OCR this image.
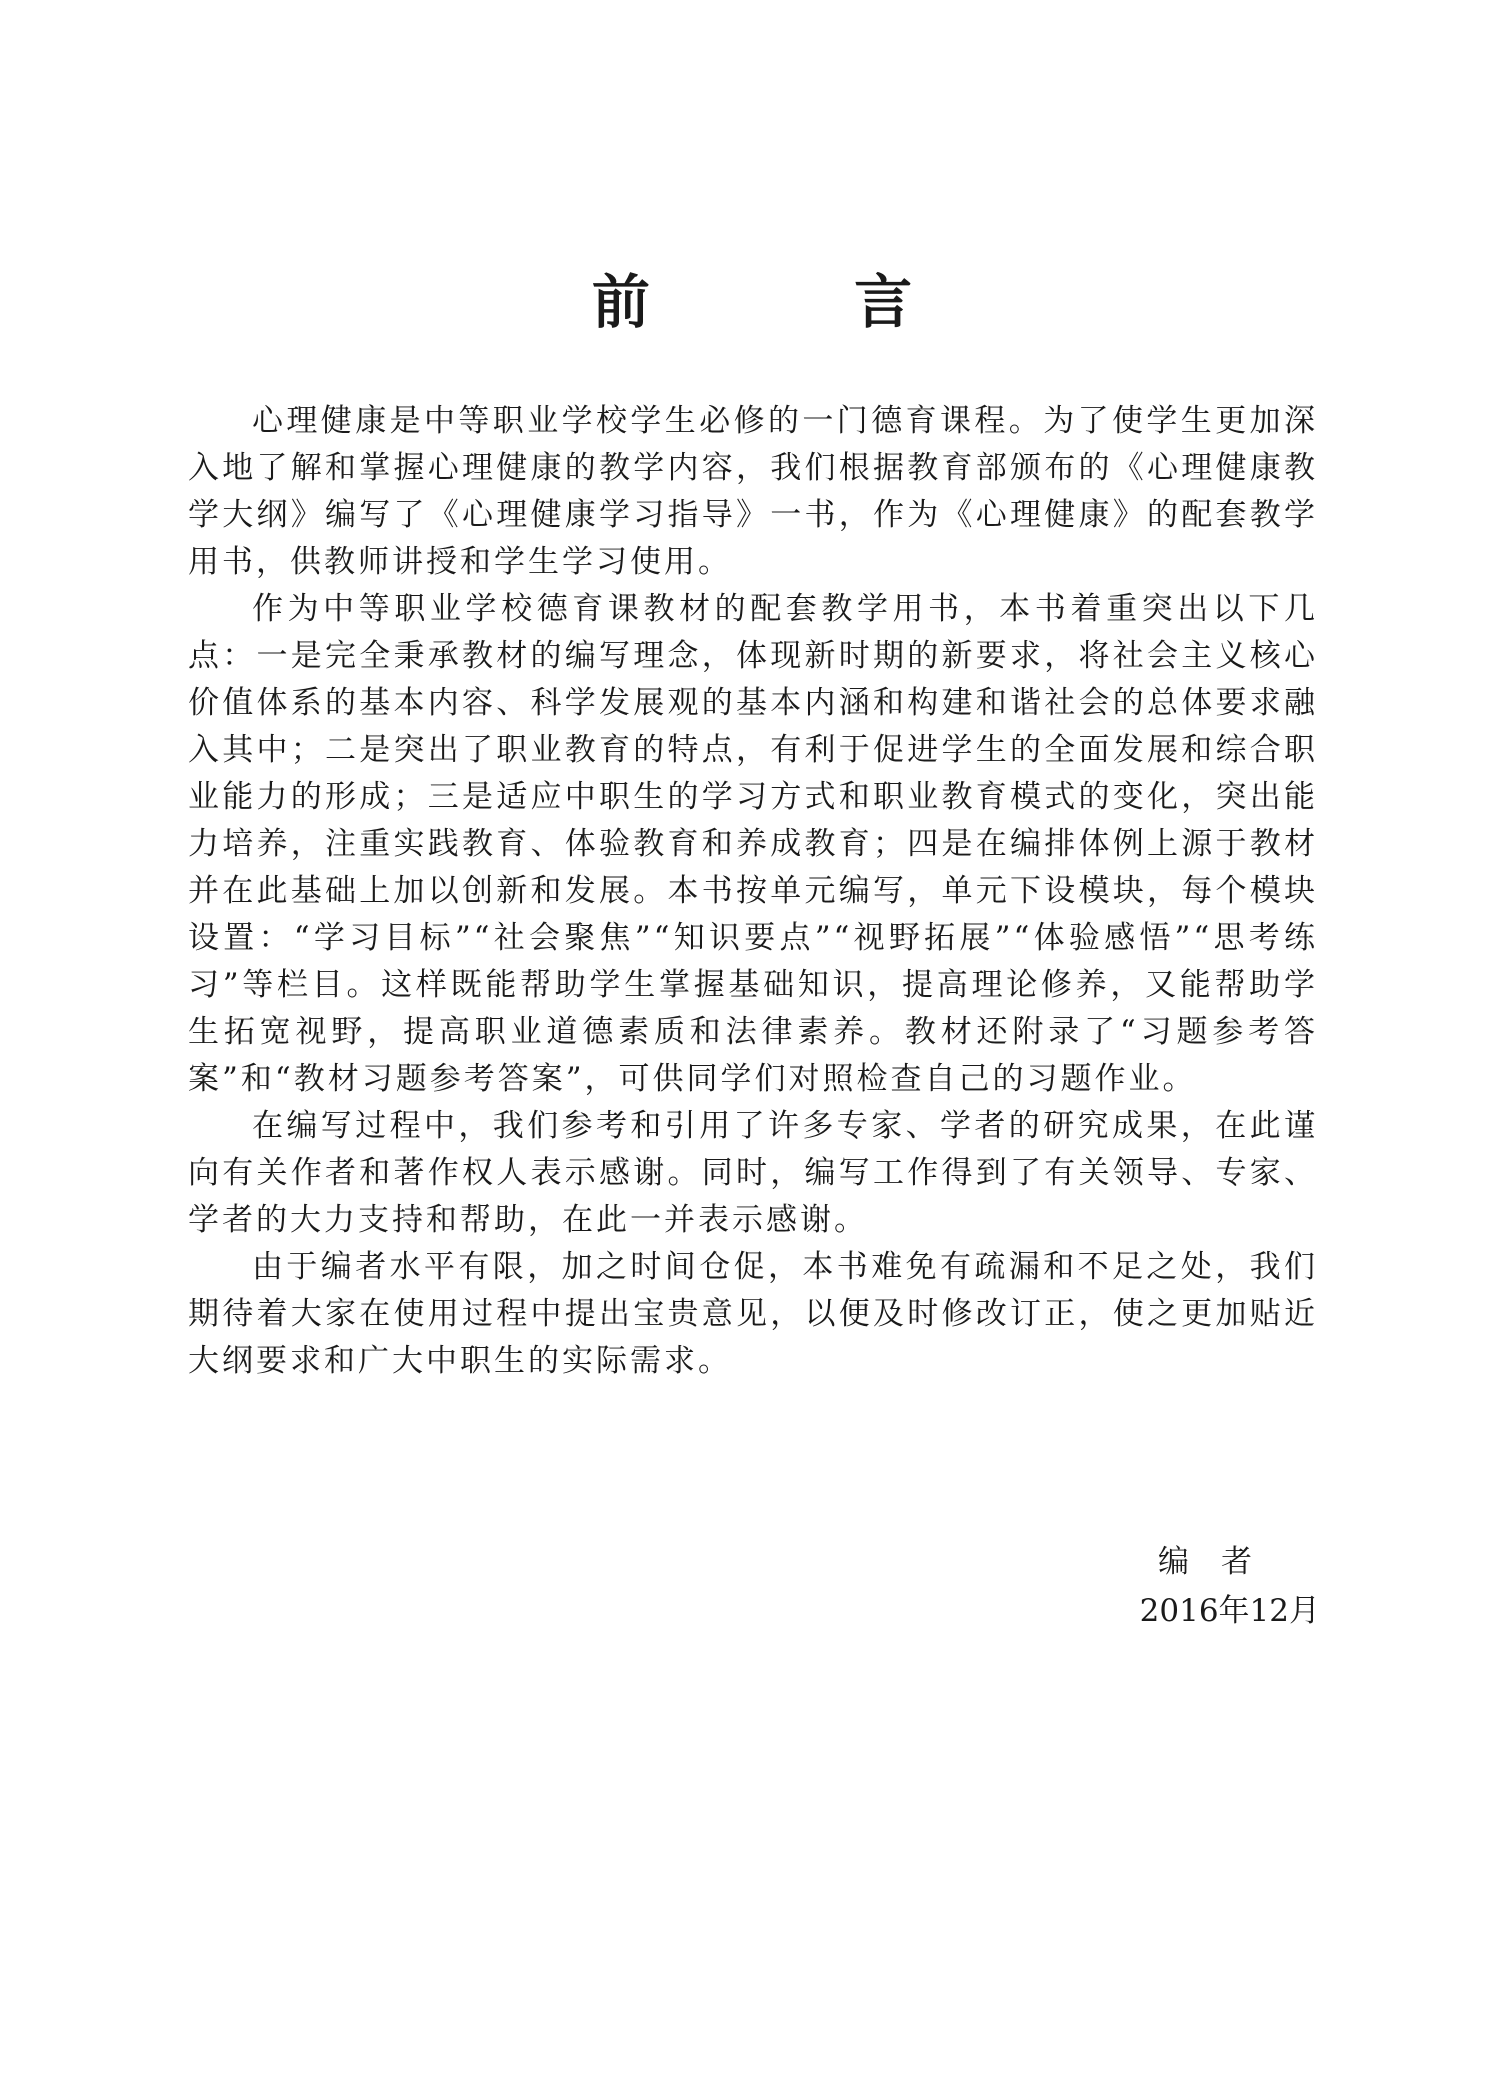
前 言

心理健康是中等职业学校学生必修的一门德育课程。为了使学生更加深入地了解和掌握心理健康的教学内容，我们根据教育部颁布的《心理健康教学大纲》编写了《心理健康学习指导》一书，作为《心理健康》的配套教学用书，供教师讲授和学生学习使用。

作为中等职业学校德育课教材的配套教学用书，本书着重突出以下几点：一是完全秉承教材的编写理念，体现新时期的新要求，将社会主义核心价值体系的基本内容、科学发展观的基本内涵和构建和谐社会的总体要求融入其中；二是突出了职业教育的特点，有利于促进学生的全面发展和综合职业能力的形成；三是适应中职生的学习方式和职业教育模式的变化，突出能力培养，注重实践教育、体验教育和养成教育；四是在编排体例上源于教材并在此基础上加以创新和发展。本书按单元编写，单元下设模块，每个模块设置：“学习目标”“社会聚焦”“知识要点”“视野拓展”“体验感悟”“思考练习”等栏目。这样既能帮助学生掌握基础知识，提高理论修养，又能帮助学生拓宽视野，提高职业道德素质和法律素养。教材还附录了“习题参考答案”和“教材习题参考答案”，可供同学们对照检查自己的习题作业。

在编写过程中，我们参考和引用了许多专家、学者的研究成果，在此谨向有关作者和著作权人表示感谢。同时，编写工作得到了有关领导、专家、学者的大力支持和帮助，在此一并表示感谢。

由于编者水平有限，加之时间仓促，本书难免有疏漏和不足之处，我们期待着大家在使用过程中提出宝贵意见，以便及时修改订正，使之更加贴近大纲要求和广大中职生的实际需求。

编者
2016年12月
